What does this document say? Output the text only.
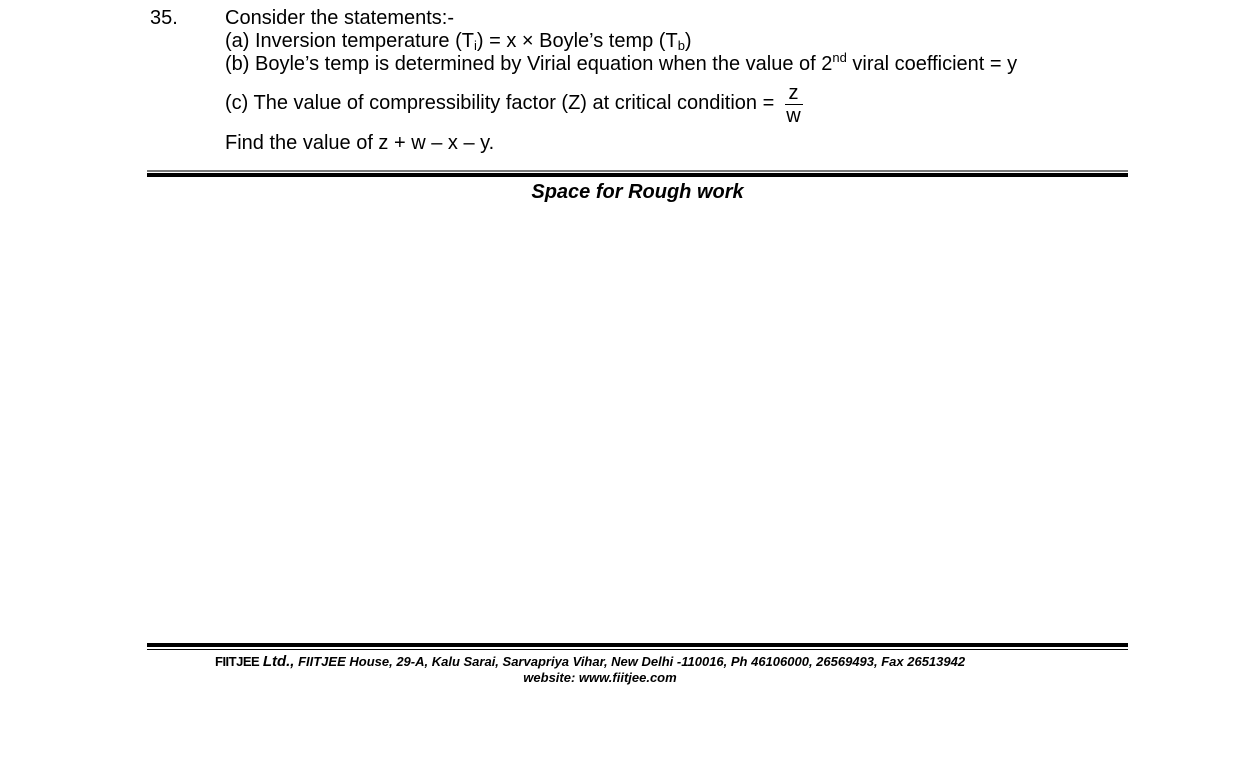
35. Consider the statements:-
(a) Inversion temperature $(T_i) = x$ × Boyle’s temp $(T_b)$
(b) Boyle’s temp is determined by Virial equation when the value of 2nd viral coefficient = y
(c) The value of compressibility factor (Z) at critical condition = $\frac{z}{w}$
Find the value of z + w – x – y.
Space for Rough work
FIITJEE Ltd., FIITJEE House, 29-A, Kalu Sarai, Sarvapriya Vihar, New Delhi -110016, Ph 46106000, 26569493, Fax 26513942
website: www.fiitjee.com
